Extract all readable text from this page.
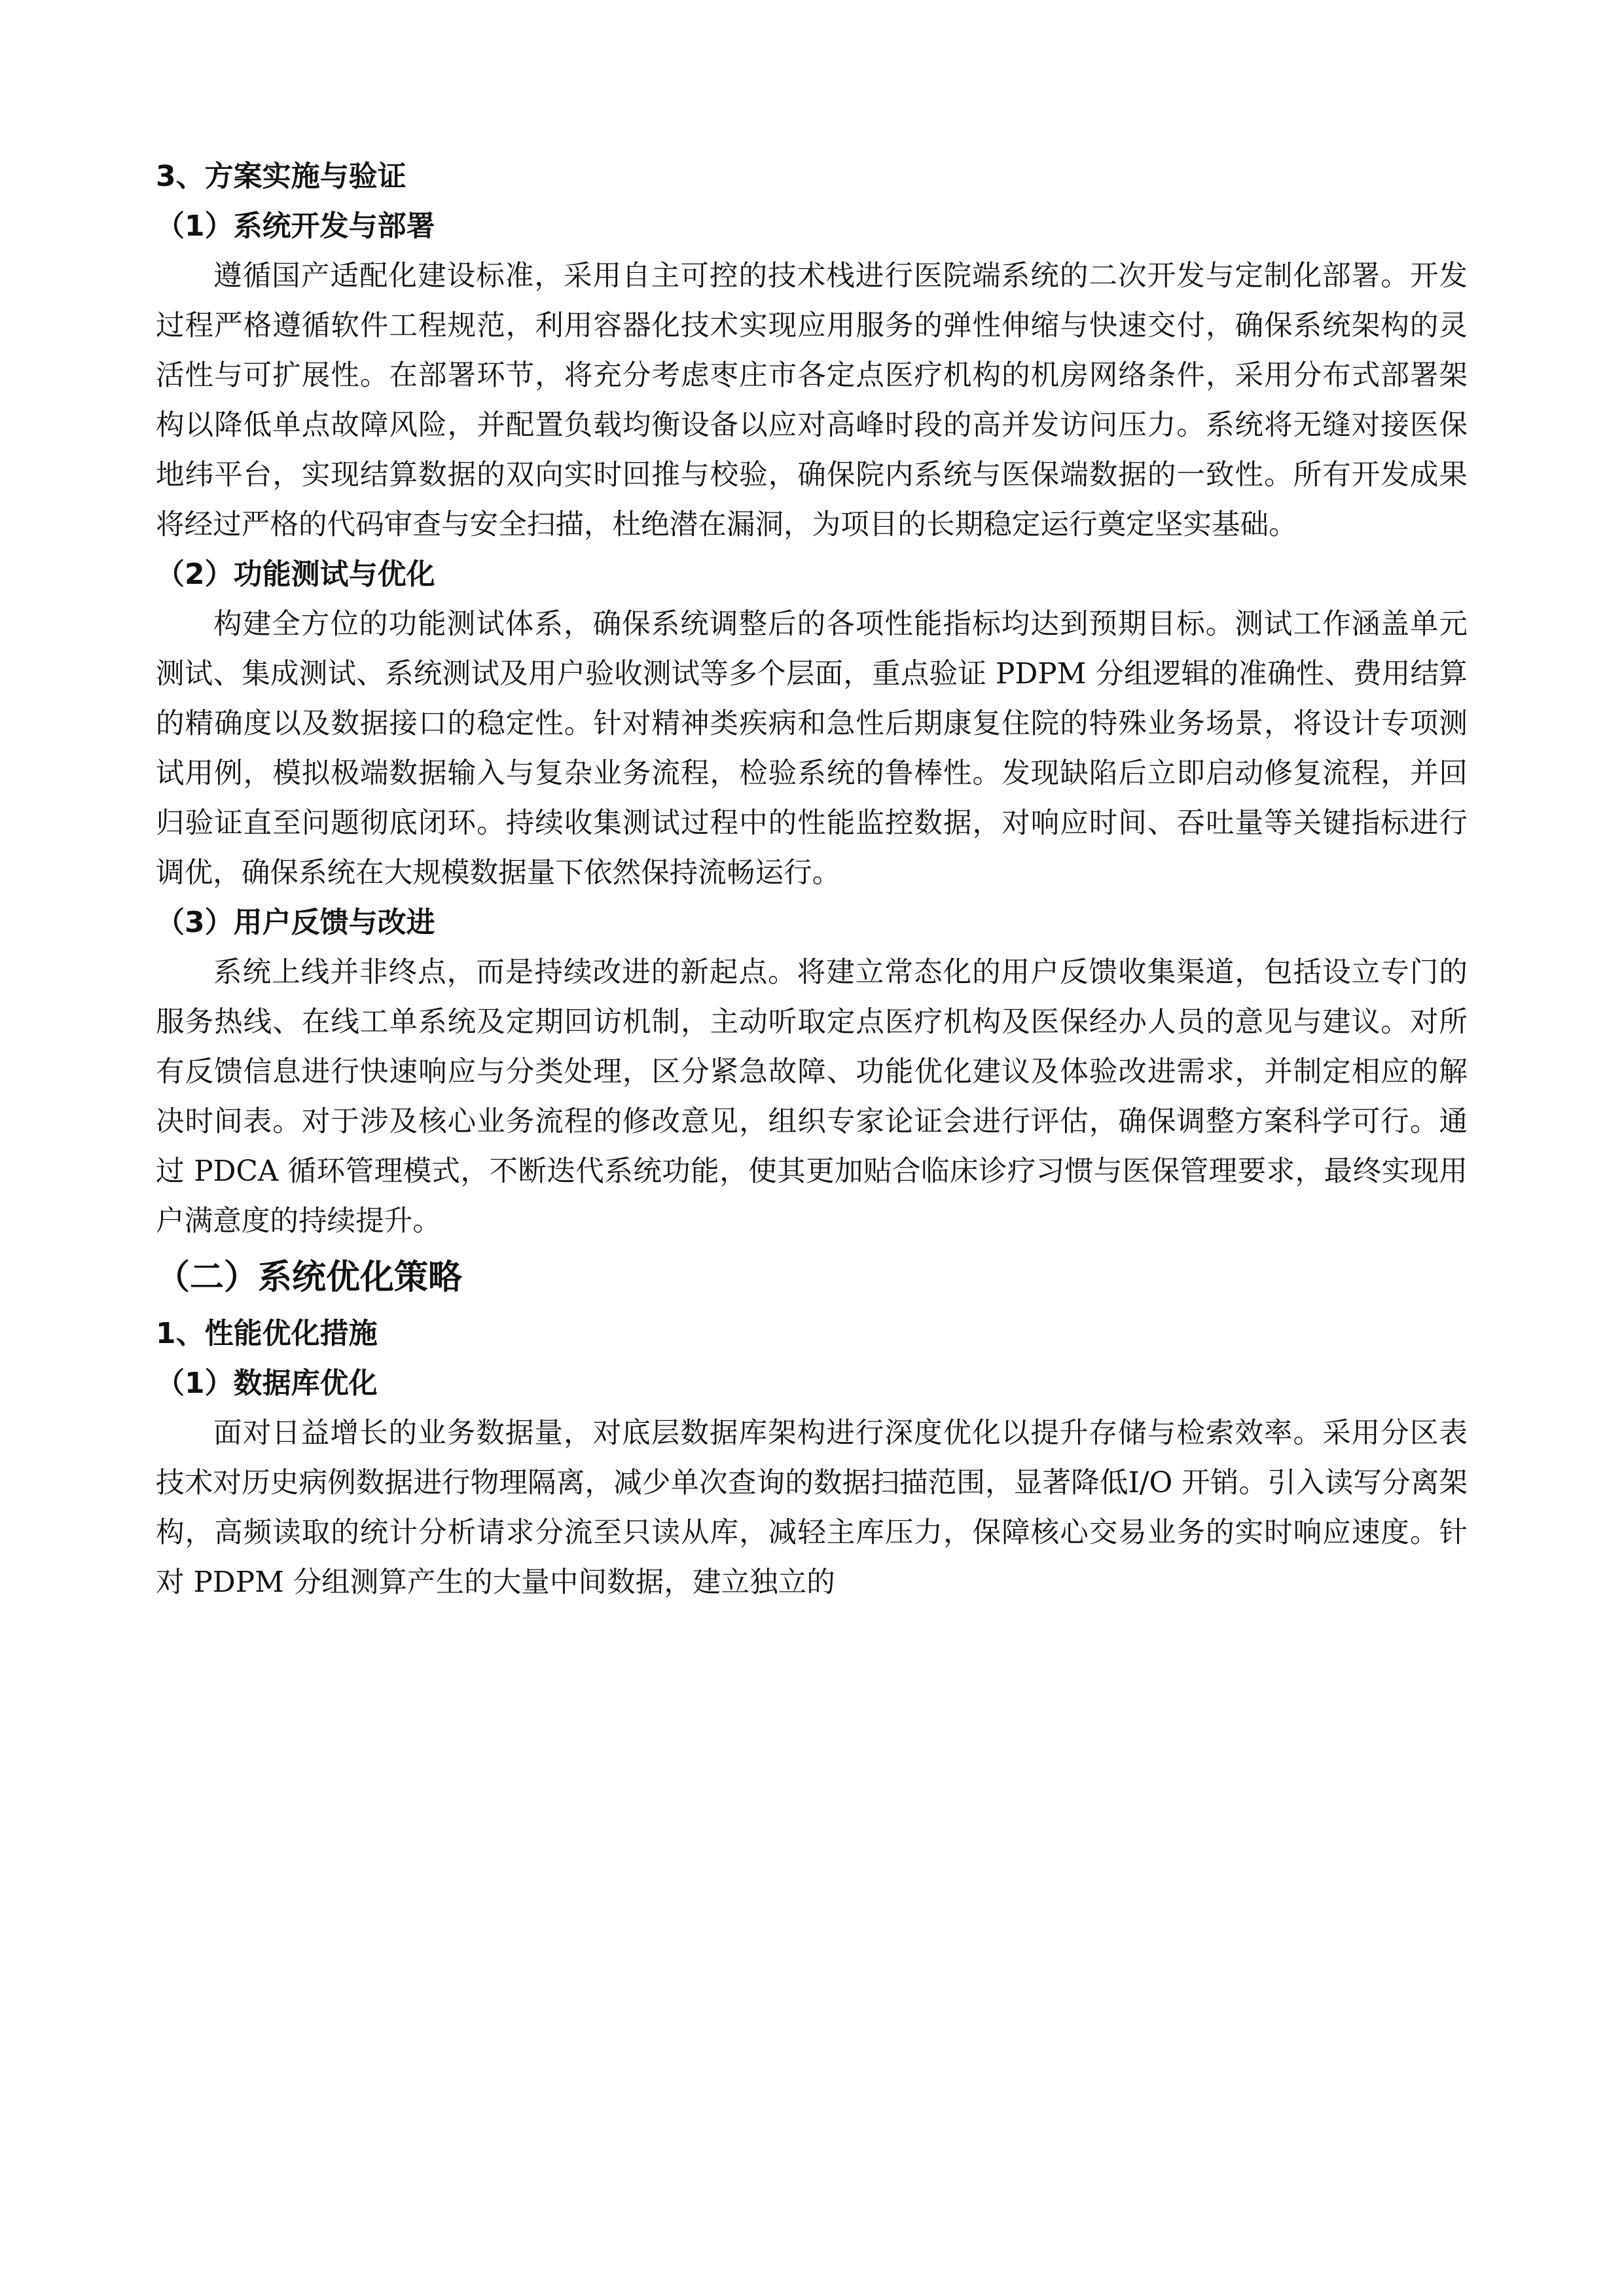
3、方案实施与验证
（1）系统开发与部署

遵循国产适配化建设标准，采用自主可控的技术栈进行医院端系统的二次开发与定制化部署。开发过程严格遵循软件工程规范，利用容器化技术实现应用服务的弹性伸缩与快速交付，确保系统架构的灵活性与可扩展性。在部署环节，将充分考虑枣庄市各定点医疗机构的机房网络条件，采用分布式部署架构以降低单点故障风险，并配置负载均衡设备以应对高峰时段的高并发访问压力。系统将无缝对接医保地纬平台，实现结算数据的双向实时回推与校验，确保院内系统与医保端数据的一致性。所有开发成果将经过严格的代码审查与安全扫描，杜绝潜在漏洞，为项目的长期稳定运行奠定坚实基础。

（2）功能测试与优化

构建全方位的功能测试体系，确保系统调整后的各项性能指标均达到预期目标。测试工作涵盖单元测试、集成测试、系统测试及用户验收测试等多个层面，重点验证 PDPM 分组逻辑的准确性、费用结算的精确度以及数据接口的稳定性。针对精神类疾病和急性后期康复住院的特殊业务场景，将设计专项测试用例，模拟极端数据输入与复杂业务流程，检验系统的鲁棒性。发现缺陷后立即启动修复流程，并回归验证直至问题彻底闭环。持续收集测试过程中的性能监控数据，对响应时间、吞吐量等关键指标进行调优，确保系统在大规模数据量下依然保持流畅运行。

（3）用户反馈与改进

系统上线并非终点，而是持续改进的新起点。将建立常态化的用户反馈收集渠道，包括设立专门的服务热线、在线工单系统及定期回访机制，主动听取定点医疗机构及医保经办人员的意见与建议。对所有反馈信息进行快速响应与分类处理，区分紧急故障、功能优化建议及体验改进需求，并制定相应的解决时间表。对于涉及核心业务流程的修改意见，组织专家论证会进行评估，确保调整方案科学可行。通过 PDCA 循环管理模式，不断迭代系统功能，使其更加贴合临床诊疗习惯与医保管理要求，最终实现用户满意度的持续提升。

（二）系统优化策略
1、性能优化措施
（1）数据库优化

面对日益增长的业务数据量，对底层数据库架构进行深度优化以提升存储与检索效率。采用分区表技术对历史病例数据进行物理隔离，减少单次查询的数据扫描范围，显著降低I/O 开销。引入读写分离架构，高频读取的统计分析请求分流至只读从库，减轻主库压力，保障核心交易业务的实时响应速度。针对 PDPM 分组测算产生的大量中间数据，建立独立的
